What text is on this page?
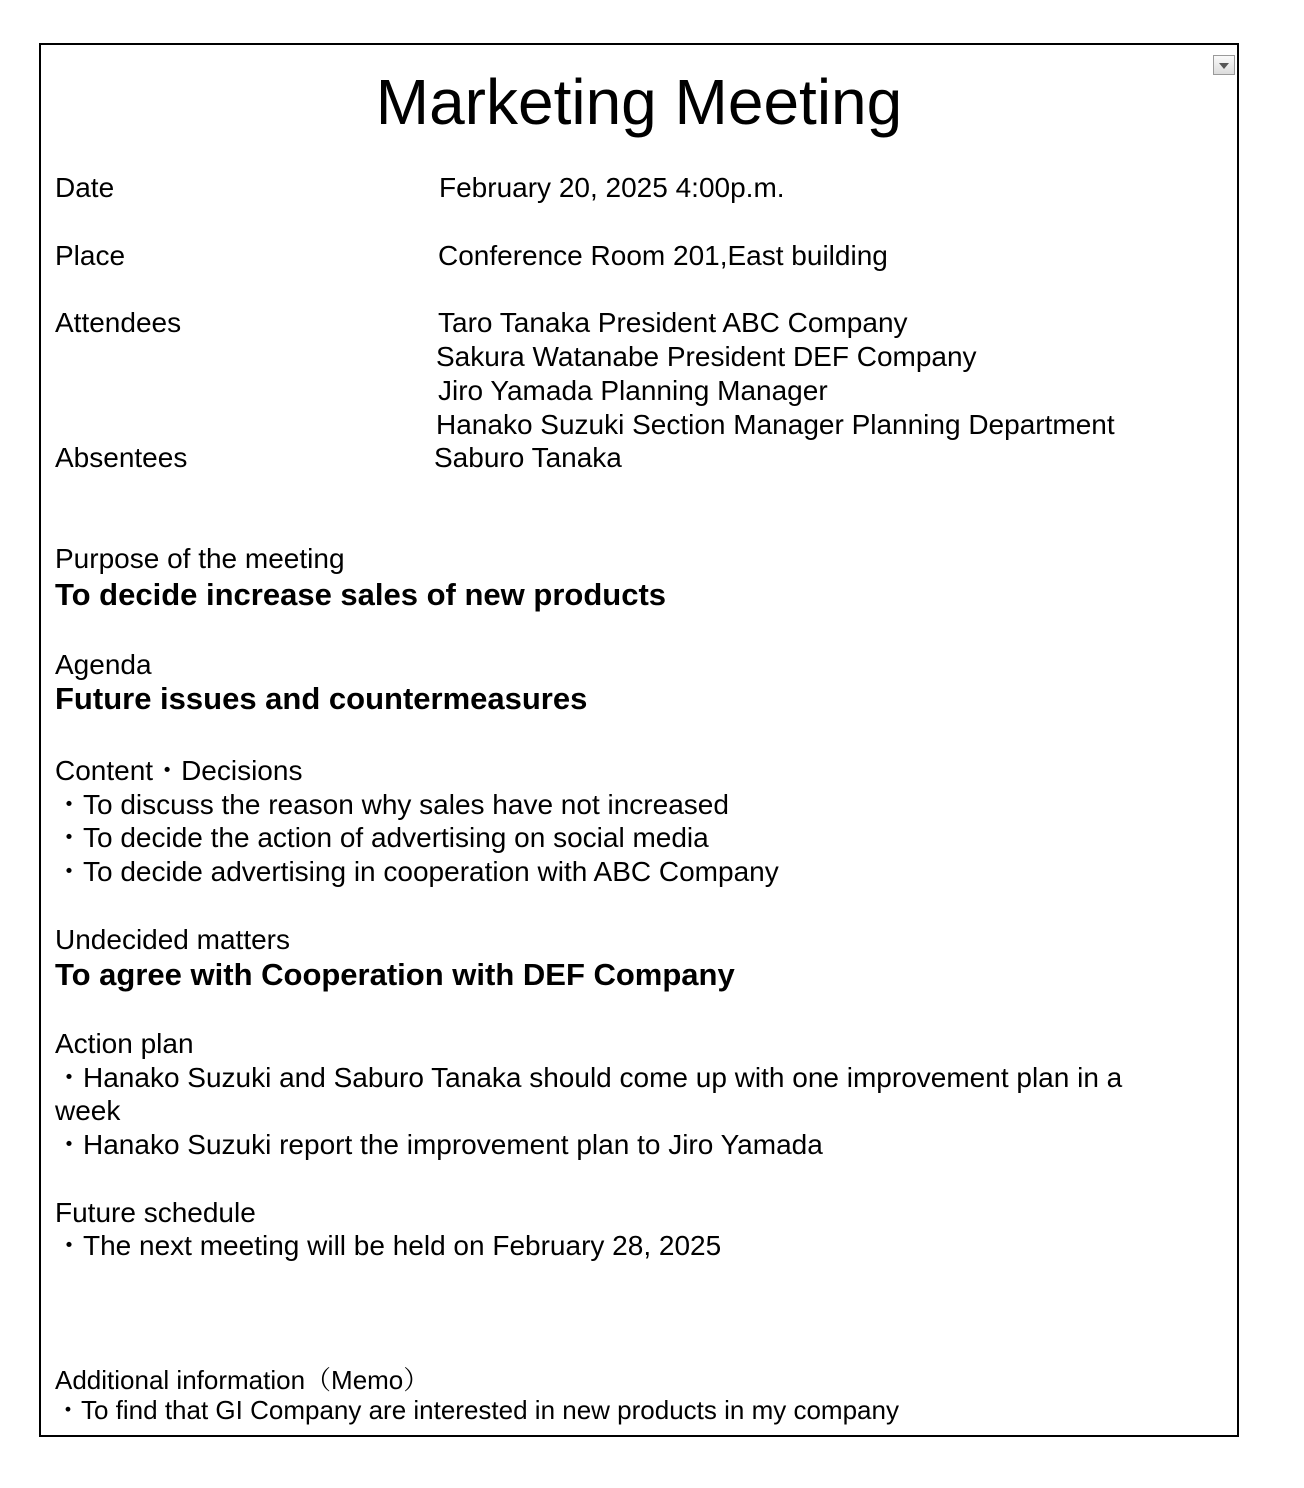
Marketing Meeting
Date	February 20, 2025 4:00p.m.
Place	Conference Room 201,East building
Attendees	Taro Tanaka President ABC Company
Sakura Watanabe President DEF Company
Jiro Yamada Planning Manager
Hanako Suzuki Section Manager Planning Department
Absentees	Saburo Tanaka
Purpose of the meeting
To decide increase sales of new products
Agenda
Future issues and countermeasures
Content・Decisions
・To discuss the reason why sales have not increased
・To decide the action of advertising on social media
・To decide advertising in cooperation with ABC Company
Undecided matters
To agree with Cooperation with DEF Company
Action plan
・Hanako Suzuki and Saburo Tanaka should come up with one improvement plan in a
week
・Hanako Suzuki report the improvement plan to Jiro Yamada
Future schedule
・The next meeting will be held on February 28, 2025
Additional information（Memo）
・To find that GI Company are interested in new products in my company
